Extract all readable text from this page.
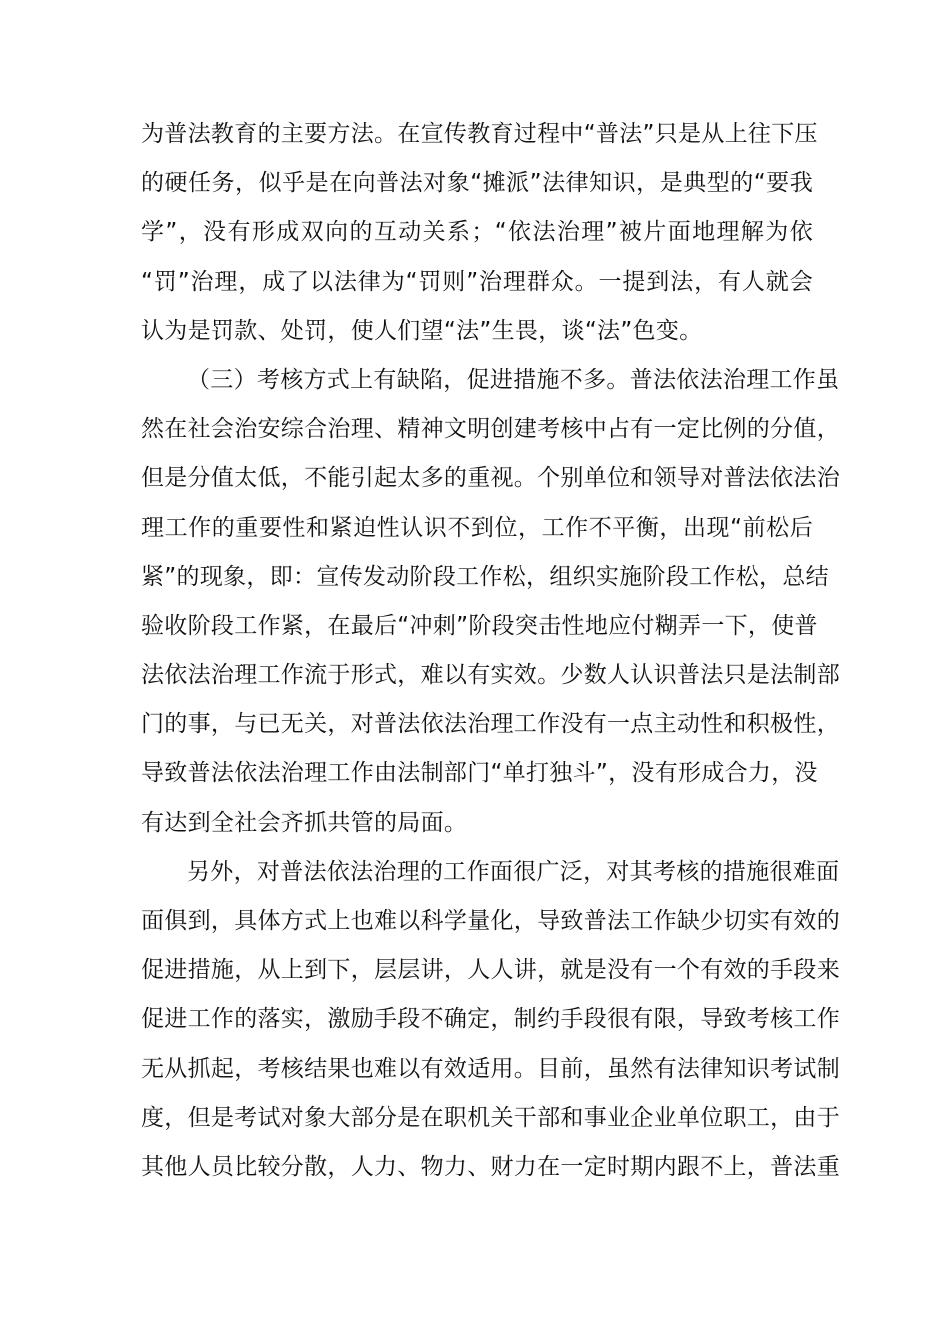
为普法教育的主要方法。在宣传教育过程中“普法”只是从上往下压
的硬任务，似乎是在向普法对象“摊派”法律知识，是典型的“要我
学”，没有形成双向的互动关系；“依法治理”被片面地理解为依
“罚”治理，成了以法律为“罚则”治理群众。一提到法，有人就会
认为是罚款、处罚，使人们望“法”生畏，谈“法”色变。
（三）考核方式上有缺陷，促进措施不多。普法依法治理工作虽
然在社会治安综合治理、精神文明创建考核中占有一定比例的分值，
但是分值太低，不能引起太多的重视。个别单位和领导对普法依法治
理工作的重要性和紧迫性认识不到位，工作不平衡，出现“前松后
紧”的现象，即：宣传发动阶段工作松，组织实施阶段工作松，总结
验收阶段工作紧，在最后“冲刺”阶段突击性地应付糊弄一下，使普
法依法治理工作流于形式，难以有实效。少数人认识普法只是法制部
门的事，与已无关，对普法依法治理工作没有一点主动性和积极性，
导致普法依法治理工作由法制部门“单打独斗”，没有形成合力，没
有达到全社会齐抓共管的局面。
另外，对普法依法治理的工作面很广泛，对其考核的措施很难面
面俱到，具体方式上也难以科学量化，导致普法工作缺少切实有效的
促进措施，从上到下，层层讲，人人讲，就是没有一个有效的手段来
促进工作的落实，激励手段不确定，制约手段很有限，导致考核工作
无从抓起，考核结果也难以有效适用。目前，虽然有法律知识考试制
度，但是考试对象大部分是在职机关干部和事业企业单位职工，由于
其他人员比较分散，人力、物力、财力在一定时期内跟不上，普法重
